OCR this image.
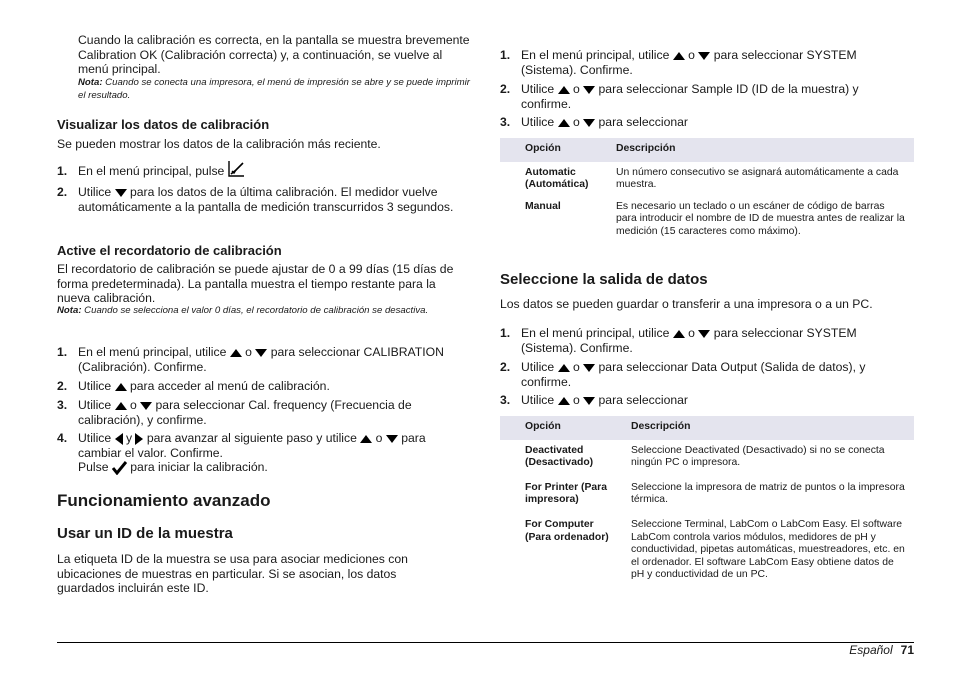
Cuando la calibración es correcta, en la pantalla se muestra brevemente Calibration OK (Calibración correcta) y, a continuación, se vuelve al menú principal.

Nota: Cuando se conecta una impresora, el menú de impresión se abre y se puede imprimir el resultado.

Visualizar los datos de calibración

Se pueden mostrar los datos de la calibración más reciente.

1. En el menú principal, pulse
2. Utilice para los datos de la última calibración. El medidor vuelve automáticamente a la pantalla de medición transcurridos 3 segundos.
Active el recordatorio de calibración

El recordatorio de calibración se puede ajustar de 0 a 99 días (15 días de forma predeterminada). La pantalla muestra el tiempo restante para la nueva calibración.

Nota: Cuando se selecciona el valor 0 días, el recordatorio de calibración se desactiva.

1. En el menú principal, utilice o para seleccionar CALIBRATION (Calibración). Confirme.
2. Utilice para acceder al menú de calibración.
3. Utilice o para seleccionar Cal. frequency (Frecuencia de calibración), y confirme.
4. Utilice y para avanzar al siguiente paso y utilice o para cambiar el valor. Confirme.
Pulse para iniciar la calibración.
Funcionamiento avanzado
Usar un ID de la muestra

La etiqueta ID de la muestra se usa para asociar mediciones con ubicaciones de muestras en particular. Si se asocian, los datos guardados incluirán este ID.

1. En el menú principal, utilice o para seleccionar SYSTEM (Sistema). Confirme.
2. Utilice o para seleccionar Sample ID (ID de la muestra) y confirme.
3. Utilice o para seleccionar
Opción	Descripción
Automatic (Automática)	Un número consecutivo se asignará automáticamente a cada muestra.
Manual	Es necesario un teclado o un escáner de código de barras para introducir el nombre de ID de muestra antes de realizar la medición (15 caracteres como máximo).
Seleccione la salida de datos

Los datos se pueden guardar o transferir a una impresora o a un PC.

1. En el menú principal, utilice o para seleccionar SYSTEM (Sistema). Confirme.
2. Utilice o para seleccionar Data Output (Salida de datos), y confirme.
3. Utilice o para seleccionar
Opción	Descripción
Deactivated (Desactivado)	Seleccione Deactivated (Desactivado) si no se conecta ningún PC o impresora.
For Printer (Para impresora)	Seleccione la impresora de matriz de puntos o la impresora térmica.
For Computer (Para ordenador)	Seleccione Terminal, LabCom o LabCom Easy. El software LabCom controla varios módulos, medidores de pH y conductividad, pipetas automáticas, muestreadores, etc. en el ordenador. El software LabCom Easy obtiene datos de pH y conductividad de un PC.
Español 71
